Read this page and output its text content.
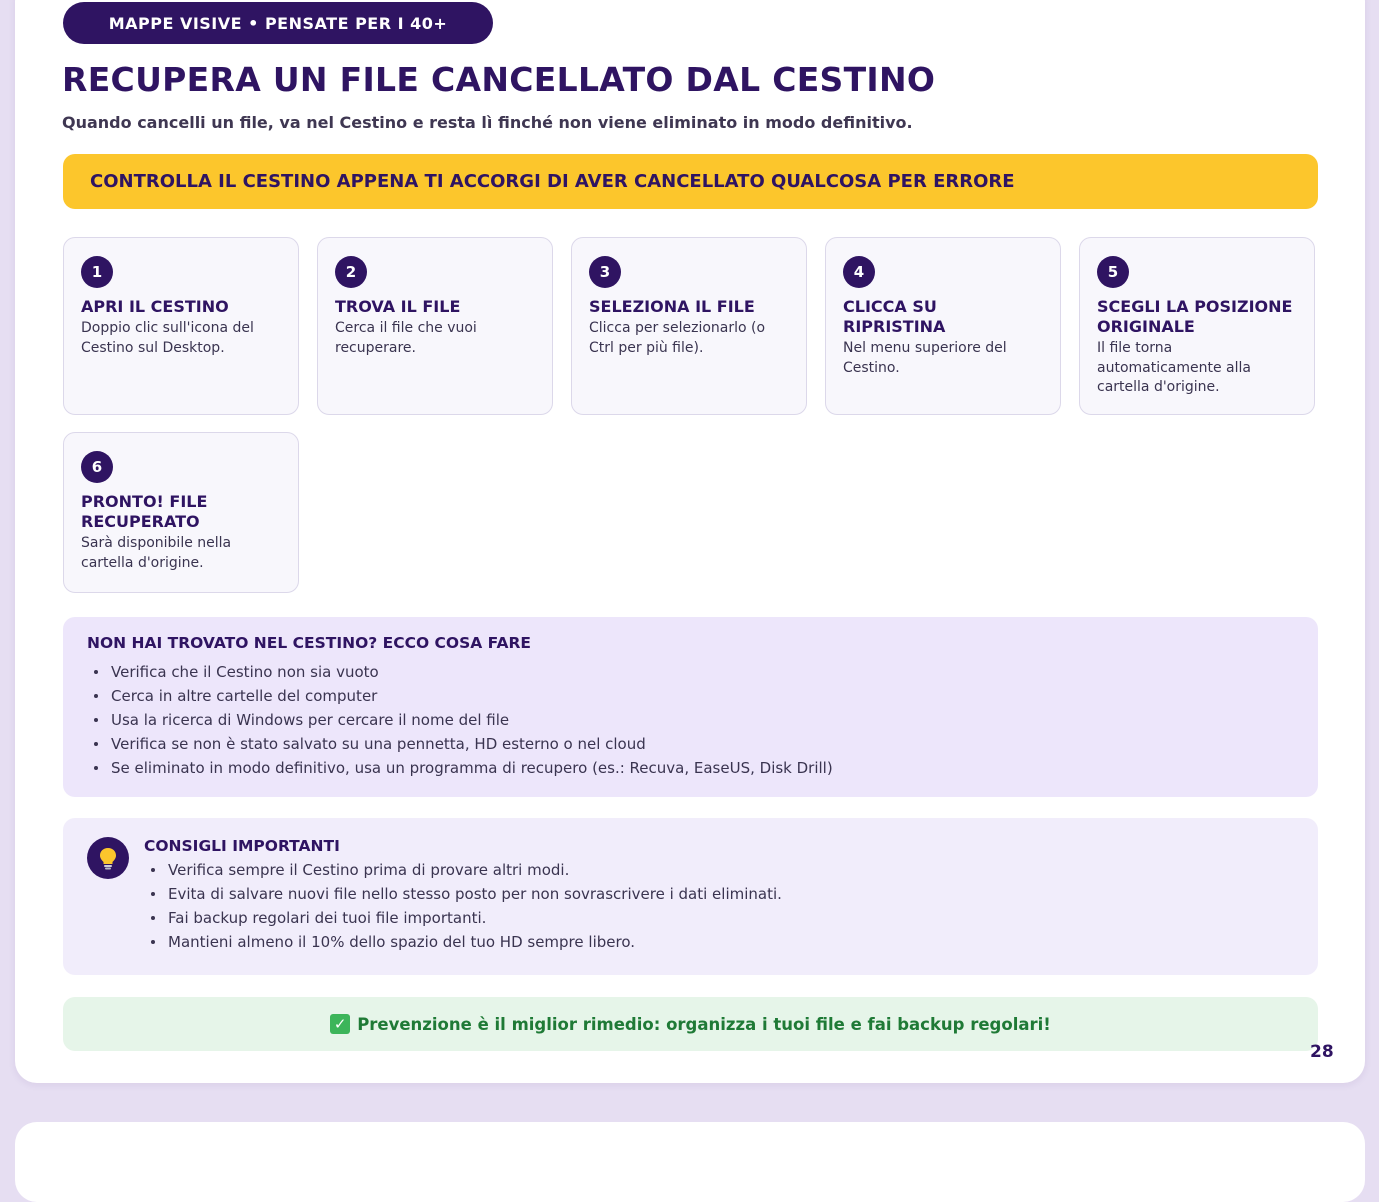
MAPPE VISIVE • PENSATE PER I 40+
RECUPERA UN FILE CANCELLATO DAL CESTINO

Quando cancelli un file, va nel Cestino e resta lì finché non viene eliminato in modo definitivo.

CONTROLLA IL CESTINO APPENA TI ACCORGI DI AVER CANCELLATO QUALCOSA PER ERRORE
1
APRI IL CESTINO
Doppio clic sull'icona del Cestino sul Desktop.
2
TROVA IL FILE
Cerca il file che vuoi recuperare.
3
SELEZIONA IL FILE
Clicca per selezionarlo (o Ctrl per più file).
4
CLICCA SU RIPRISTINA
Nel menu superiore del Cestino.
5
SCEGLI LA POSIZIONE ORIGINALE
Il file torna automaticamente alla cartella d'origine.
6
PRONTO! FILE RECUPERATO
Sarà disponibile nella cartella d'origine.
NON HAI TROVATO NEL CESTINO? ECCO COSA FARE
Verifica che il Cestino non sia vuoto
Cerca in altre cartelle del computer
Usa la ricerca di Windows per cercare il nome del file
Verifica se non è stato salvato su una pennetta, HD esterno o nel cloud
Se eliminato in modo definitivo, usa un programma di recupero (es.: Recuva, EaseUS, Disk Drill)
CONSIGLI IMPORTANTI
Verifica sempre il Cestino prima di provare altri modi.
Evita di salvare nuovi file nello stesso posto per non sovrascrivere i dati eliminati.
Fai backup regolari dei tuoi file importanti.
Mantieni almeno il 10% dello spazio del tuo HD sempre libero.
✓ Prevenzione è il miglior rimedio: organizza i tuoi file e fai backup regolari!
28
